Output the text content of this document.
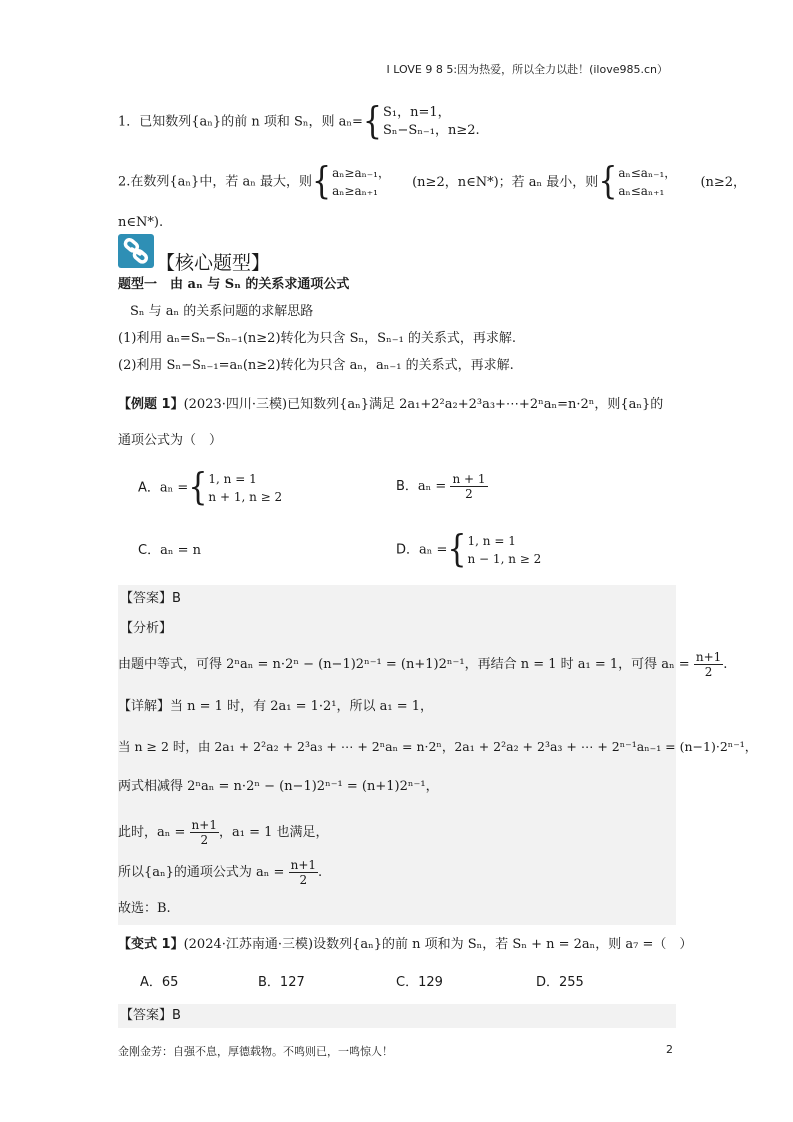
I LOVE 9 8 5:因为热爱，所以全力以赴！(ilove985.cn）
1．已知数列{aₙ}的前 n 项和 Sₙ，则 aₙ={ S₁，n=1，
Sₙ−Sₙ₋₁，n≥2.
2.在数列{aₙ}中，若 aₙ 最大，则{ aₙ≥aₙ₋₁，
aₙ≥aₙ₊₁
(n≥2，n∈N*)；若 aₙ 最小，则{ aₙ≤aₙ₋₁，
aₙ≤aₙ₊₁
(n≥2，
n∈N*).
【核心题型】
题型一　由 aₙ 与 Sₙ 的关系求通项公式
Sₙ 与 aₙ 的关系问题的求解思路
(1)利用 aₙ=Sₙ−Sₙ₋₁(n≥2)转化为只含 Sₙ，Sₙ₋₁ 的关系式，再求解.
(2)利用 Sₙ−Sₙ₋₁=aₙ(n≥2)转化为只含 aₙ，aₙ₋₁ 的关系式，再求解.
【例题 1】(2023·四川·三模)已知数列{aₙ}满足 2a₁+2²a₂+2³a₃+⋯+2ⁿaₙ=n·2ⁿ，则{aₙ}的
通项公式为（　）
A．aₙ ={ 1, n = 1
n + 1, n ≥ 2
B．$a_n = \frac{n + 1}{2}$
C．aₙ = n	D．aₙ ={ 1, n = 1
n − 1, n ≥ 2
【答案】B
【分析】
由题中等式，可得 2ⁿaₙ = n·2ⁿ − (n−1)2ⁿ⁻¹ = (n+1)2ⁿ⁻¹，再结合 n = 1 时 a₁ = 1，可得 $a_n = \frac{n+1}{2}$ .
【详解】当 n = 1 时，有 2a₁ = 1·2¹，所以 a₁ = 1，
当 n ≥ 2 时，由 2a₁ + 2²a₂ + 2³a₃ + ⋯ + 2ⁿaₙ = n·2ⁿ，2a₁ + 2²a₂ + 2³a₃ + ⋯ + 2ⁿ⁻¹aₙ₋₁ = (n−1)·2ⁿ⁻¹，
两式相减得 2ⁿaₙ = n·2ⁿ − (n−1)2ⁿ⁻¹ = (n+1)2ⁿ⁻¹，
此时，$a_n = \frac{n+1}{2}$ ，a₁ = 1 也满足，
所以{aₙ}的通项公式为 $a_n = \frac{n+1}{2}$ .
故选：B.
【变式 1】(2024·江苏南通·三模)设数列{aₙ}的前 n 项和为 Sₙ，若 Sₙ + n = 2aₙ，则 a₇ =（　）
A．65	B．127	C．129	D．255
【答案】B
金刚金芳：自强不息，厚德载物。不鸣则已，一鸣惊人！	2
